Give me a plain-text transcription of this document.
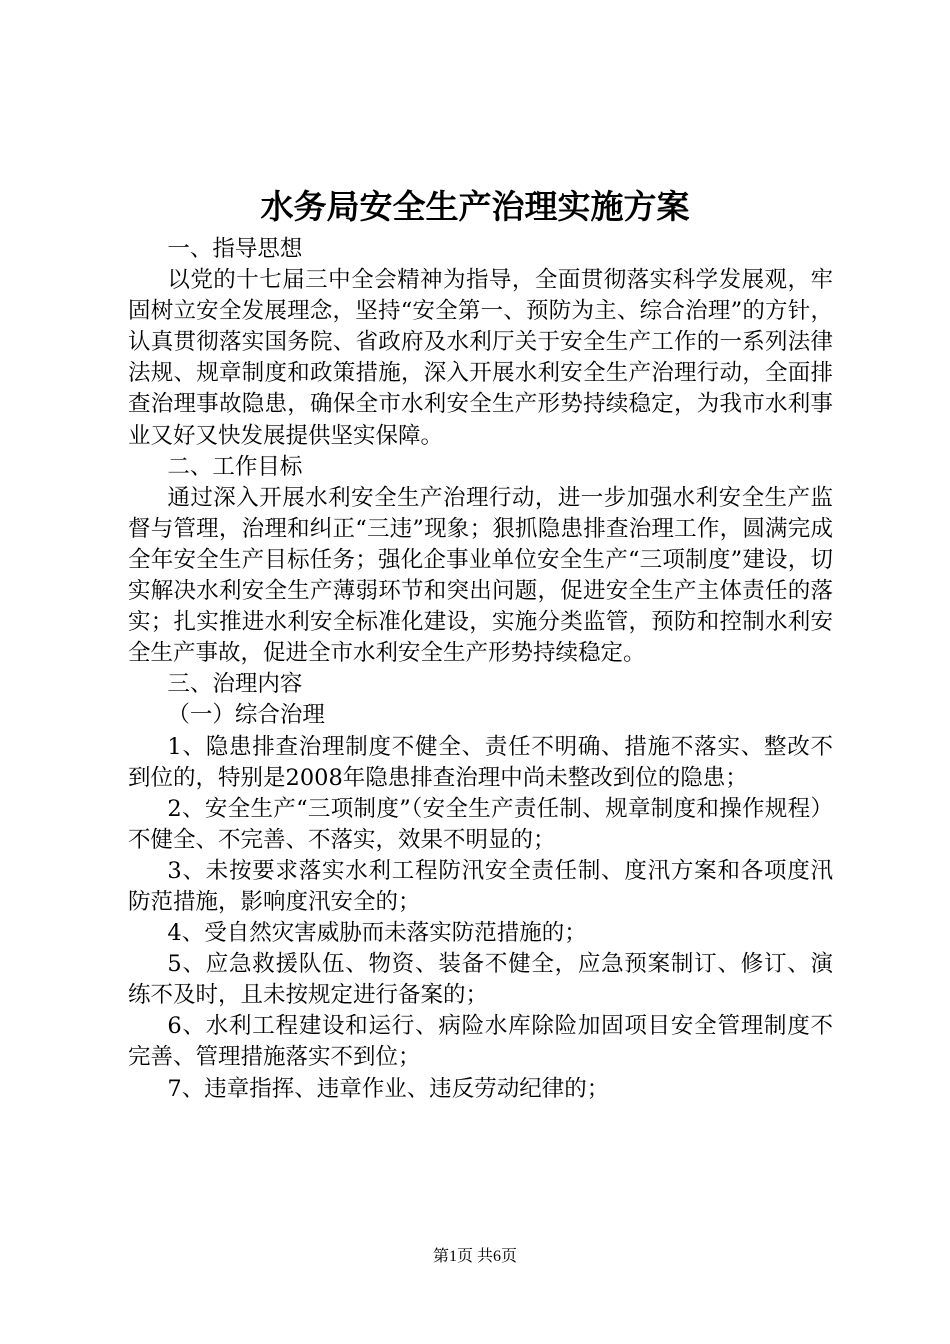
水务局安全生产治理实施方案

一、指导思想

以党的十七届三中全会精神为指导，全面贯彻落实科学发展观，牢固树立安全发展理念，坚持“安全第一、预防为主、综合治理”的方针，认真贯彻落实国务院、省政府及水利厅关于安全生产工作的一系列法律法规、规章制度和政策措施，深入开展水利安全生产治理行动，全面排查治理事故隐患，确保全市水利安全生产形势持续稳定，为我市水利事业又好又快发展提供坚实保障。

二、工作目标

通过深入开展水利安全生产治理行动，进一步加强水利安全生产监督与管理，治理和纠正“三违”现象；狠抓隐患排查治理工作，圆满完成全年安全生产目标任务；强化企事业单位安全生产“三项制度”建设，切实解决水利安全生产薄弱环节和突出问题，促进安全生产主体责任的落实；扎实推进水利安全标准化建设，实施分类监管，预防和控制水利安全生产事故，促进全市水利安全生产形势持续稳定。

三、治理内容

（一）综合治理

1、隐患排查治理制度不健全、责任不明确、措施不落实、整改不到位的，特别是2008年隐患排查治理中尚未整改到位的隐患；

2、安全生产“三项制度”（安全生产责任制、规章制度和操作规程）不健全、不完善、不落实，效果不明显的；

3、未按要求落实水利工程防汛安全责任制、度汛方案和各项度汛防范措施，影响度汛安全的；

4、受自然灾害威胁而未落实防范措施的；

5、应急救援队伍、物资、装备不健全，应急预案制订、修订、演练不及时，且未按规定进行备案的；

6、水利工程建设和运行、病险水库除险加固项目安全管理制度不完善、管理措施落实不到位；

7、违章指挥、违章作业、违反劳动纪律的；

第1页 共6页
